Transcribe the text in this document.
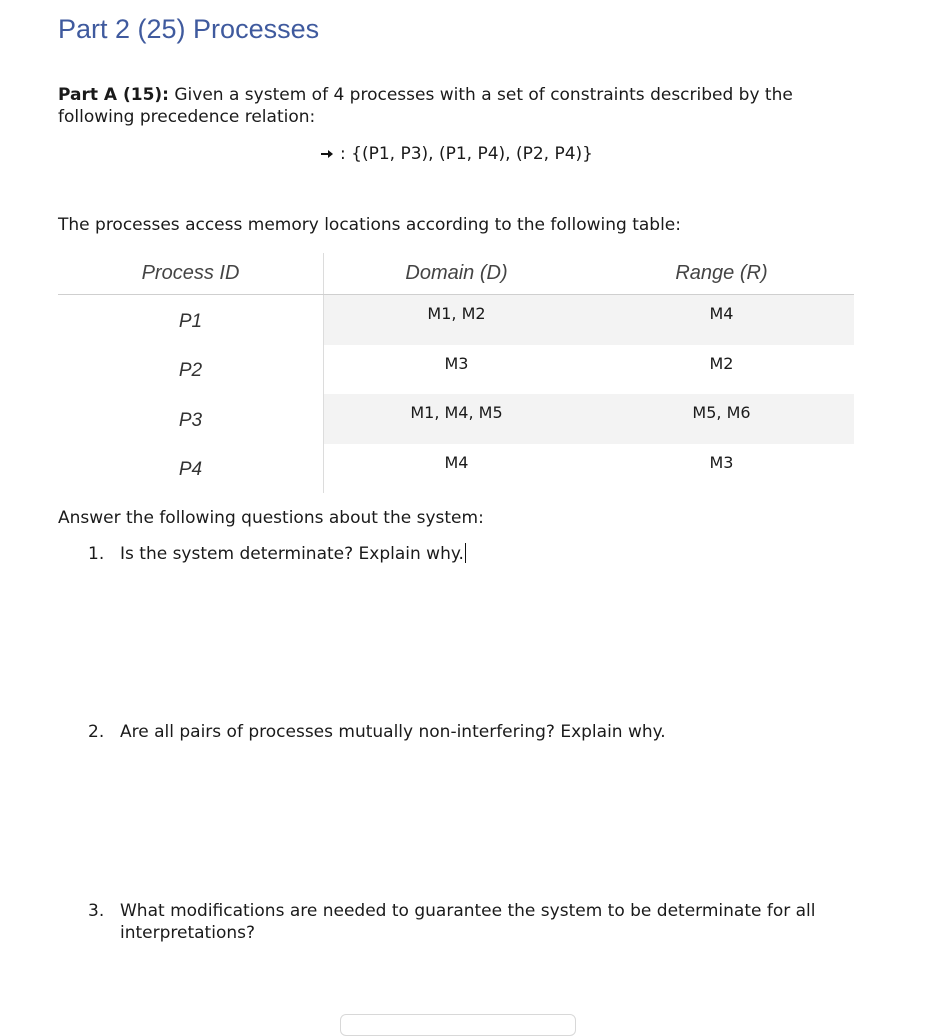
Part 2 (25) Processes

Part A (15): Given a system of 4 processes with a set of constraints described by the following precedence relation:

: {(P1, P3), (P1, P4), (P2, P4)}

The processes access memory locations according to the following table:

Process ID	Domain (D)	Range (R)
P1	M1, M2	M4
P2	M3	M2
P3	M1, M4, M5	M5, M6
P4	M4	M3

Answer the following questions about the system:

1. Is the system determinate? Explain why.
2. Are all pairs of processes mutually non-interfering? Explain why.
3. What modifications are needed to guarantee the system to be determinate for all interpretations?
